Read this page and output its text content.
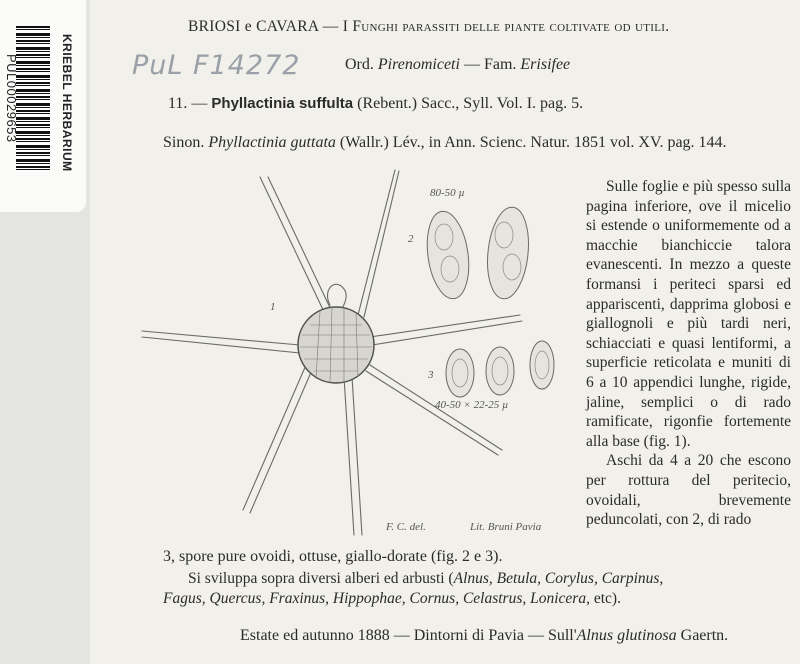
PUL00029653	KRIEBEL HERBARIUM
BRIOSI e CAVARA — I Funghi parassiti delle piante coltivate od utili.
PuL F14272	Ord. Pirenomiceti — Fam. Erisifee
11. — Phyllactinia suffulta (Rebent.) Sacc., Syll. Vol. I. pag. 5.
Sinon. Phyllactinia guttata (Wallr.) Lév., in Ann. Scienc. Natur. 1851 vol. XV. pag. 144.
1
2
3
80-50 µ
40-50 × 22-25 µ
F. C. del.	Lit. Bruni Pavia

Sulle foglie e più spesso sulla pagina inferiore, ove il micelio si estende o uniformemente od a macchie bianchiccie talora evanescenti. In mezzo a queste formansi i periteci sparsi ed appariscenti, dapprima globosi e giallognoli e più tardi neri, schiacciati e quasi lentiformi, a superficie reticolata e muniti di 6 a 10 appendici lunghe, rigide, jaline, semplici o di rado ramificate, rigonfie fortemente alla base (fig. 1).

Aschi da 4 a 20 che escono per rottura del peritecio, ovoidali, brevemente peduncolati, con 2, di rado

3, spore pure ovoidi, ottuse, giallo-dorate (fig. 2 e 3).
Si sviluppa sopra diversi alberi ed arbusti (Alnus, Betula, Corylus, Carpinus,
Fagus, Quercus, Fraxinus, Hippophae, Cornus, Celastrus, Lonicera, etc).
Estate ed autunno 1888 — Dintorni di Pavia — Sull'Alnus glutinosa Gaertn.
